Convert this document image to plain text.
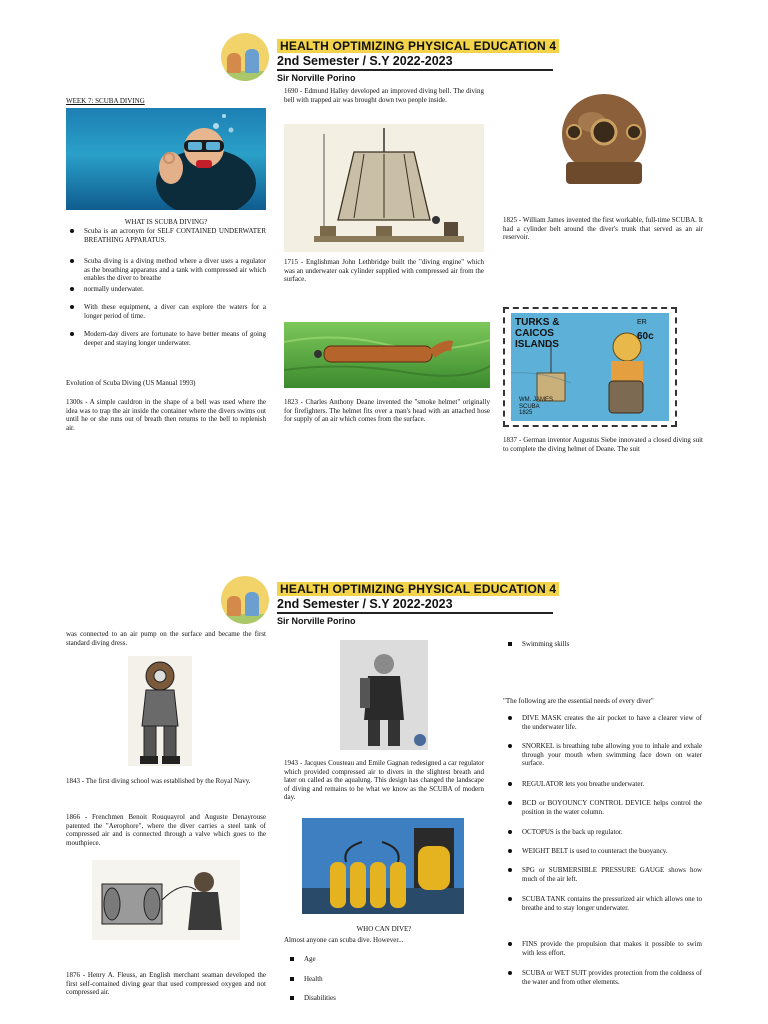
HEALTH OPTIMIZING PHYSICAL EDUCATION 4
2nd Semester / S.Y 2022-2023
Sir Norville Porino
WEEK 7: SCUBA DIVING
WHAT IS SCUBA DIVING?
Scuba is an acronym for SELF CONTAINED UNDERWATER BREATHING APPARATUS.
Scuba diving is a diving method where a diver uses a regulator as the breathing apparatus and a tank with compressed air which enables the diver to breathe
normally underwater.
With these equipment, a diver can explore the waters for a longer period of time.
Modern-day divers are fortunate to have better means of going deeper and staying longer underwater.
Evolution of Scuba Diving (US Manual 1993)
1300s - A simple cauldron in the shape of a bell was used where the idea was to trap the air inside the container where the divers swims out until he or she runs out of breath then returns to the bell to replenish air.
1690 - Edmund Halley developed an improved diving bell. The diving bell with trapped air was brought down two people inside.
1715 - Englishman John Lethbridge built the "diving engine" which was an underwater oak cylinder supplied with compressed air from the surface.
1823 - Charles Anthony Deane invented the "smoke helmet" originally for firefighters. The helmet fits over a man's head with an attached hose for supply of an air which comes from the surface.
1825 - William James invented the first workable, full-time SCUBA. It had a cylinder belt around the diver's trunk that served as an air reservoir.
TURKS & CAICOS ISLANDS
ER
60c
WM. JAMES
SCUBA
1825
1837 - German inventor Augustus Siebe innovated a closed diving suit to complete the diving helmet of Deane. The suit
HEALTH OPTIMIZING PHYSICAL EDUCATION 4
2nd Semester / S.Y 2022-2023
Sir Norville Porino
was connected to an air pump on the surface and became the first standard diving dress.
1843 - The first diving school was established by the Royal Navy.
1866 - Frenchmen Benoit Rouquayrol and Auguste Denayrouse patented the "Aerophore", where the diver carries a steel tank of compressed air and is connected through a valve which goes to the mouthpiece.
1876 - Henry A. Fleuss, an English merchant seaman developed the first self-contained diving gear that used compressed oxygen and not compressed air.
1943 - Jacques Cousteau and Emile Gagnan redesigned a car regulator which provided compressed air to divers in the slightest breath and later on called as the aqualung. This design has changed the landscape of diving and remains to be what we know as the SCUBA of modern day.
WHO CAN DIVE?
Almost anyone can scuba dive. However...
Age
Health
Disabilities
Swimming skills
"The following are the essential needs of every diver"
DIVE MASK creates the air pocket to have a clearer view of the underwater life.
SNORKEL is breathing tube allowing you to inhale and exhale through your mouth when swimming face down on water surface.
REGULATOR lets you breathe underwater.
BCD or BOYOUNCY CONTROL DEVICE helps control the position in the water column.
OCTOPUS is the back up regulator.
WEIGHT BELT is used to counteract the buoyancy.
SPG or SUBMERSIBLE PRESSURE GAUGE shows how much of the air left.
SCUBA TANK contains the pressurized air which allows one to breathe and to stay longer underwater.
FINS provide the propulsion that makes it possible to swim with less effort.
SCUBA or WET SUIT provides protection from the coldness of the water and from other elements.
